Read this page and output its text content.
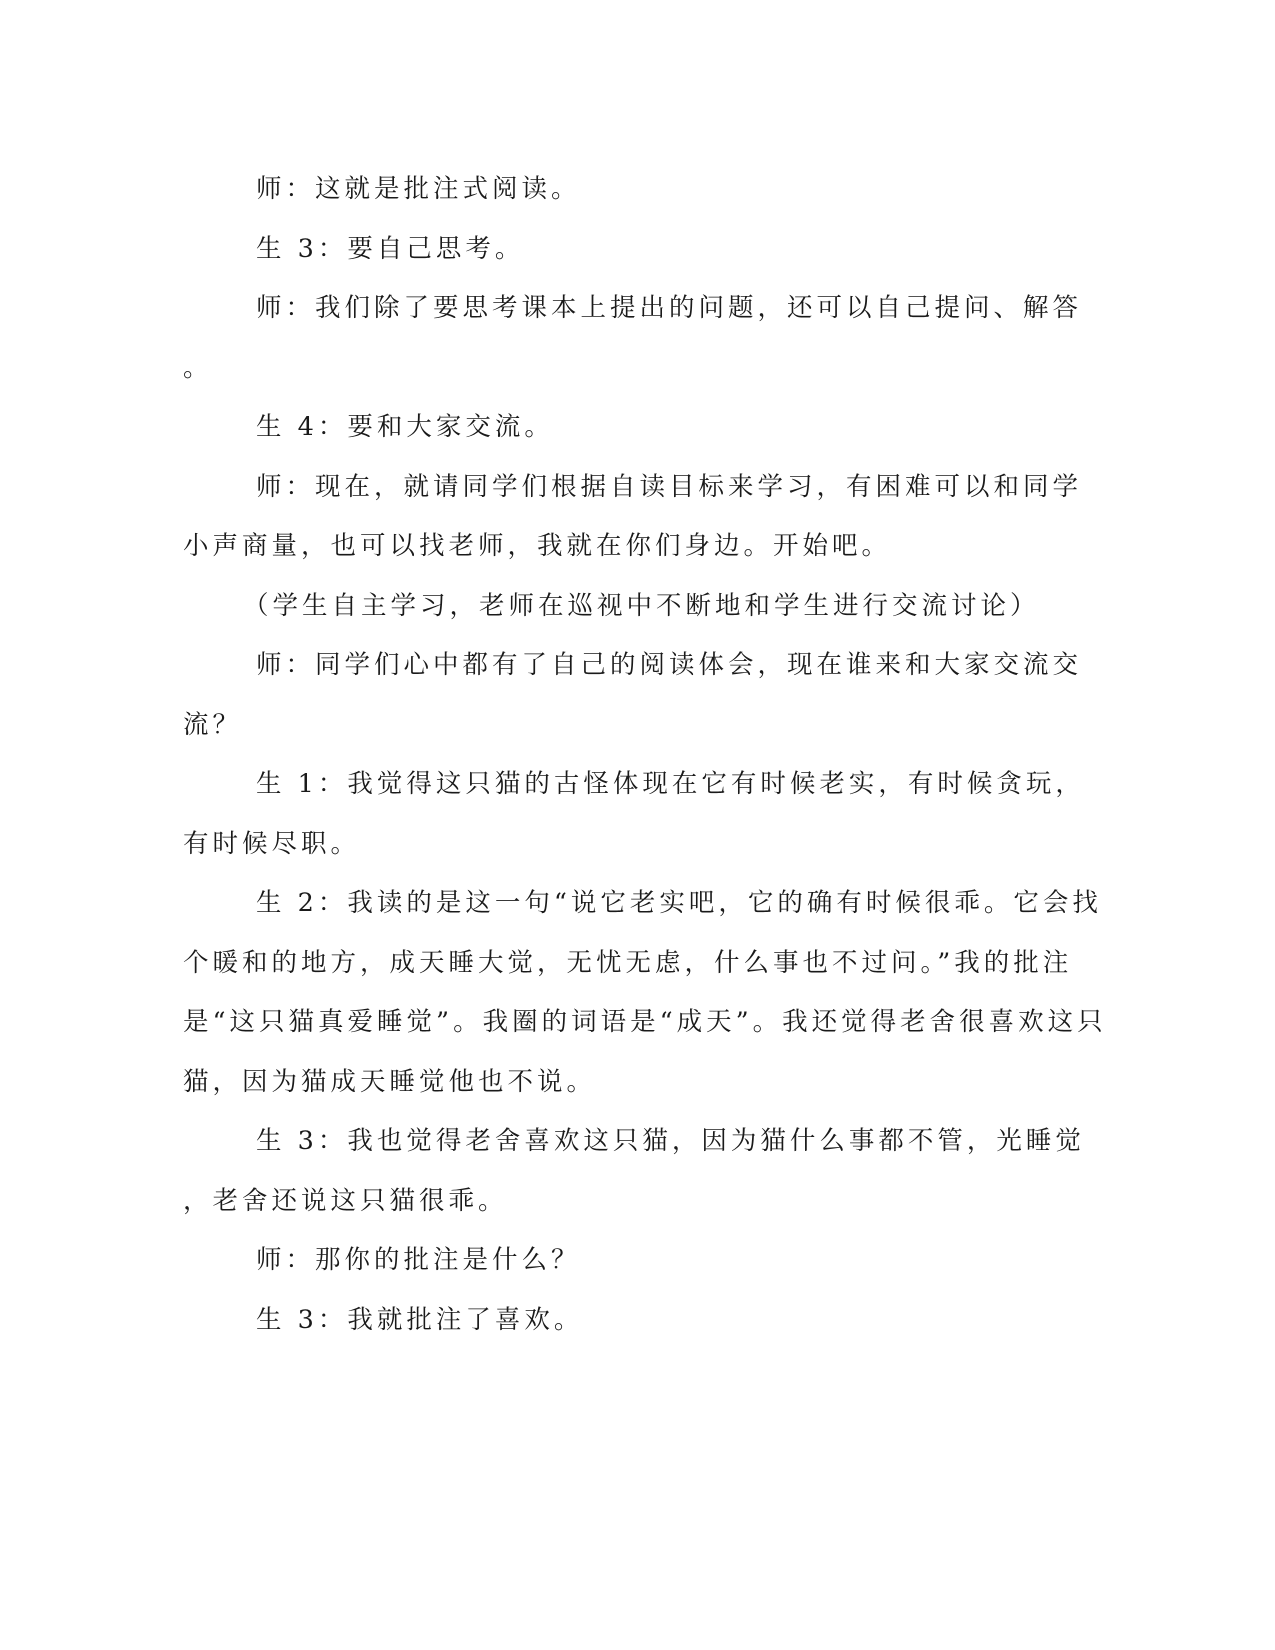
师：这就是批注式阅读。
生 3：要自己思考。
师：我们除了要思考课本上提出的问题，还可以自己提问、解答
。
生 4：要和大家交流。
师：现在，就请同学们根据自读目标来学习，有困难可以和同学
小声商量，也可以找老师，我就在你们身边。开始吧。
（学生自主学习，老师在巡视中不断地和学生进行交流讨论）
师：同学们心中都有了自己的阅读体会，现在谁来和大家交流交
流？
生 1：我觉得这只猫的古怪体现在它有时候老实，有时候贪玩，
有时候尽职。
生 2：我读的是这一句“说它老实吧，它的确有时候很乖。它会找
个暖和的地方，成天睡大觉，无忧无虑，什么事也不过问。”我的批注
是“这只猫真爱睡觉”。我圈的词语是“成天”。我还觉得老舍很喜欢这只
猫，因为猫成天睡觉他也不说。
生 3：我也觉得老舍喜欢这只猫，因为猫什么事都不管，光睡觉
，老舍还说这只猫很乖。
师：那你的批注是什么？
生 3：我就批注了喜欢。
